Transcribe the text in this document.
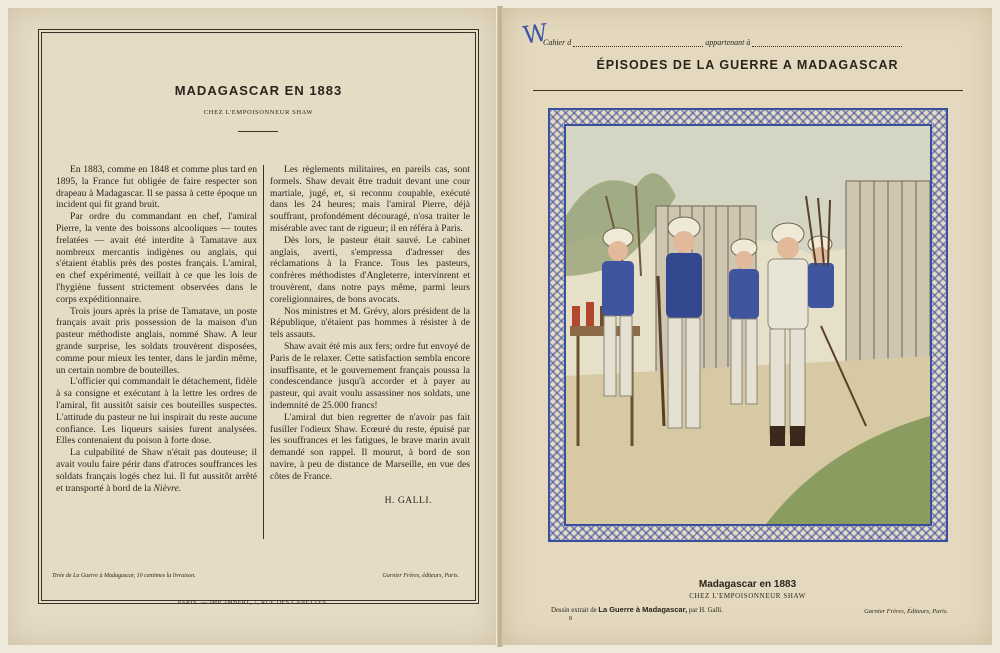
MADAGASCAR EN 1883
CHEZ L'EMPOISONNEUR SHAW

En 1883, comme en 1848 et comme plus tard en 1895, la France fut obligée de faire respecter son drapeau à Madagascar. Il se passa à cette époque un incident qui fit grand bruit.

Par ordre du commandant en chef, l'amiral Pierre, la vente des boissons alcooliques — toutes frelatées — avait été interdite à Tamatave aux nombreux mercantis indigènes ou anglais, qui s'étaient établis près des postes français. L'amiral, en chef expérimenté, veillait à ce que les lois de l'hygiène fussent strictement observées dans le corps expéditionnaire.

Trois jours après la prise de Tamatave, un poste français avait pris possession de la maison d'un pasteur méthodiste anglais, nommé Shaw. A leur grande surprise, les soldats trouvèrent disposées, comme pour mieux les tenter, dans le jardin même, un certain nombre de bouteilles.

L'officier qui commandait le détachement, fidèle à sa consigne et exécutant à la lettre les ordres de l'amiral, fit aussitôt saisir ces bouteilles suspectes. L'attitude du pasteur ne lui inspirait du reste aucune confiance. Les liqueurs saisies furent analysées. Elles contenaient du poison à forte dose.

La culpabilité de Shaw n'était pas douteuse; il avait voulu faire périr dans d'atroces souffrances les soldats français logés chez lui. Il fut aussitôt arrêté et transporté à bord de la Nièvre.

Les règlements militaires, en pareils cas, sont formels. Shaw devait être traduit devant une cour martiale, jugé, et, si reconnu coupable, exécuté dans les 24 heures; mais l'amiral Pierre, déjà souffrant, profondément découragé, n'osa traiter le misérable avec tant de rigueur; il en référa à Paris.

Dès lors, le pasteur était sauvé. Le cabinet anglais, averti, s'empressa d'adresser des réclamations à la France. Tous les pasteurs, confrères méthodistes d'Angleterre, intervinrent et trouvèrent, dans notre pays même, parmi leurs coreligionnaires, de bons avocats.

Nos ministres et M. Grévy, alors président de la République, n'étaient pas hommes à résister à de tels assauts.

Shaw avait été mis aux fers; ordre fut envoyé de Paris de le relaxer. Cette satisfaction sembla encore insuffisante, et le gouvernement français poussa la condescendance jusqu'à accorder et à payer au pasteur, qui avait voulu assassiner nos soldats, une indemnité de 25.000 francs!

L'amiral dut bien regretter de n'avoir pas fait fusiller l'odieux Shaw. Ecœuré du reste, épuisé par les souffrances et les fatigues, le brave marin avait demandé son rappel. Il mourut, à bord de son navire, à peu de distance de Marseille, en vue des côtes de France.

H. GALLI.
Tirée de La Guerre à Madagascar, 10 centimes la livraison.	Garnier Frères, éditeurs, Paris.
PARIS. — IMP. IMBERT, 7, RUE DES CANETTES
W
Cahier d	appartenant à
ÉPISODES DE LA GUERRE A MADAGASCAR
Madagascar en 1883
CHEZ L'EMPOISONNEUR SHAW
Dessin extrait de La Guerre à Madagascar, par H. Galli.	Garnier Frères, Éditeurs, Paris.
8
